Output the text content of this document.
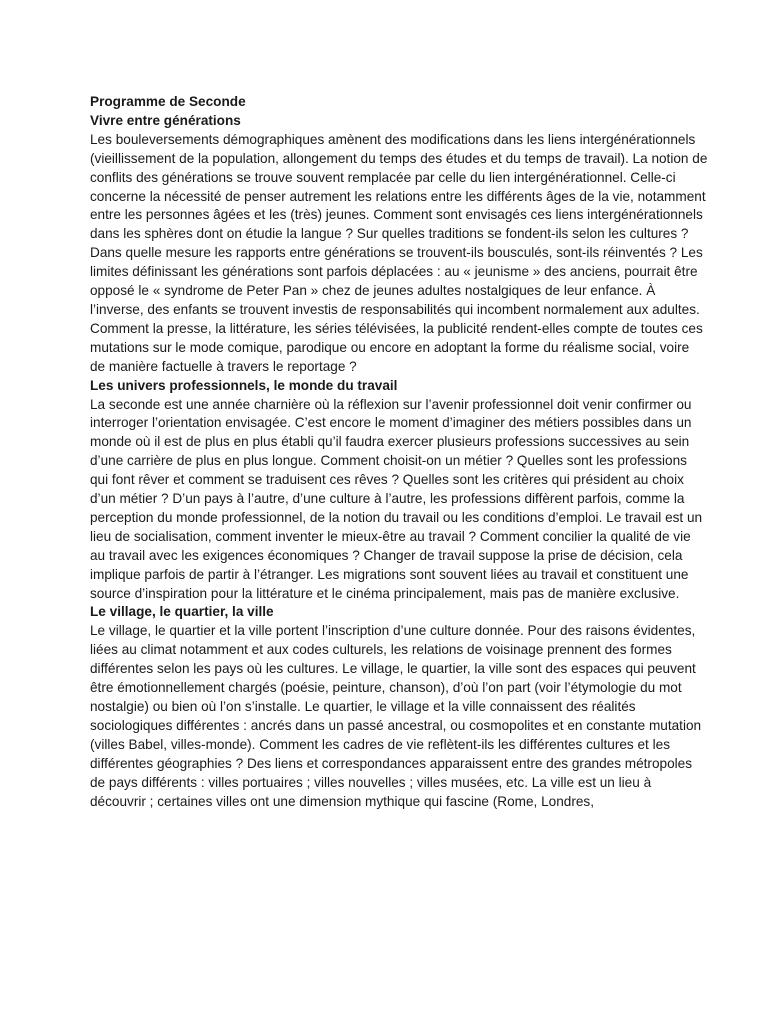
Programme de Seconde
Vivre entre générations

Les bouleversements démographiques amènent des modifications dans les liens intergénérationnels (vieillissement de la population, allongement du temps des études et du temps de travail). La notion de conflits des générations se trouve souvent remplacée par celle du lien intergénérationnel. Celle-ci concerne la nécessité de penser autrement les relations entre les différents âges de la vie, notamment entre les personnes âgées et les (très) jeunes. Comment sont envisagés ces liens intergénérationnels dans les sphères dont on étudie la langue ? Sur quelles traditions se fondent-ils selon les cultures ? Dans quelle mesure les rapports entre générations se trouvent-ils bousculés, sont-ils réinventés ? Les limites définissant les générations sont parfois déplacées : au « jeunisme » des anciens, pourrait être opposé le « syndrome de Peter Pan » chez de jeunes adultes nostalgiques de leur enfance. À l’inverse, des enfants se trouvent investis de responsabilités qui incombent normalement aux adultes. Comment la presse, la littérature, les séries télévisées, la publicité rendent-elles compte de toutes ces mutations sur le mode comique, parodique ou encore en adoptant la forme du réalisme social, voire de manière factuelle à travers le reportage ?

Les univers professionnels, le monde du travail

La seconde est une année charnière où la réflexion sur l’avenir professionnel doit venir confirmer ou interroger l’orientation envisagée. C’est encore le moment d’imaginer des métiers possibles dans un monde où il est de plus en plus établi qu’il faudra exercer plusieurs professions successives au sein d’une carrière de plus en plus longue. Comment choisit-on un métier ? Quelles sont les professions qui font rêver et comment se traduisent ces rêves ? Quelles sont les critères qui président au choix d’un métier ? D’un pays à l’autre, d’une culture à l’autre, les professions diffèrent parfois, comme la perception du monde professionnel, de la notion du travail ou les conditions d’emploi. Le travail est un lieu de socialisation, comment inventer le mieux-être au travail ? Comment concilier la qualité de vie au travail avec les exigences économiques ? Changer de travail suppose la prise de décision, cela implique parfois de partir à l’étranger. Les migrations sont souvent liées au travail et constituent une source d’inspiration pour la littérature et le cinéma principalement, mais pas de manière exclusive.

Le village, le quartier, la ville

Le village, le quartier et la ville portent l’inscription d’une culture donnée. Pour des raisons évidentes, liées au climat notamment et aux codes culturels, les relations de voisinage prennent des formes différentes selon les pays où les cultures. Le village, le quartier, la ville sont des espaces qui peuvent être émotionnellement chargés (poésie, peinture, chanson), d’où l’on part (voir l’étymologie du mot nostalgie) ou bien où l’on s’installe. Le quartier, le village et la ville connaissent des réalités sociologiques différentes : ancrés dans un passé ancestral, ou cosmopolites et en constante mutation (villes Babel, villes-monde). Comment les cadres de vie reflètent-ils les différentes cultures et les différentes géographies ? Des liens et correspondances apparaissent entre des grandes métropoles de pays différents : villes portuaires ; villes nouvelles ; villes musées, etc. La ville est un lieu à découvrir ; certaines villes ont une dimension mythique qui fascine (Rome, Londres,
